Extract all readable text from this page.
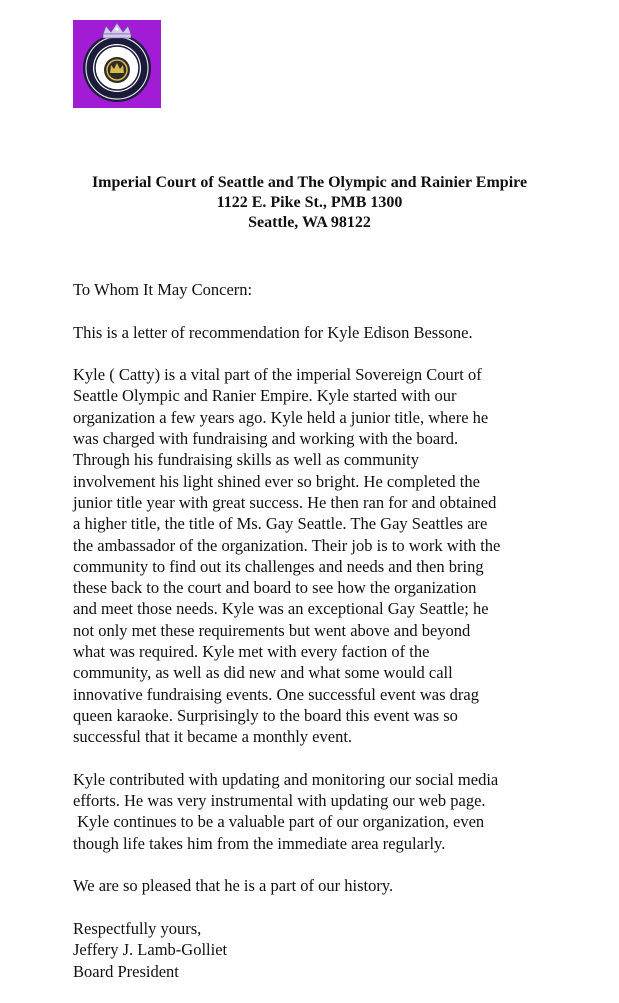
Imperial Court of Seattle and The Olympic and Rainier Empire
1122 E. Pike St., PMB 1300
Seattle, WA 98122

To Whom It May Concern:

This is a letter of recommendation for Kyle Edison Bessone.

Kyle ( Catty) is a vital part of the imperial Sovereign Court of
Seattle Olympic and Ranier Empire. Kyle started with our
organization a few years ago. Kyle held a junior title, where he
was charged with fundraising and working with the board.
Through his fundraising skills as well as community
involvement his light shined ever so bright. He completed the
junior title year with great success. He then ran for and obtained
a higher title, the title of Ms. Gay Seattle. The Gay Seattles are
the ambassador of the organization. Their job is to work with the
community to find out its challenges and needs and then bring
these back to the court and board to see how the organization
and meet those needs. Kyle was an exceptional Gay Seattle; he
not only met these requirements but went above and beyond
what was required. Kyle met with every faction of the
community, as well as did new and what some would call
innovative fundraising events. One successful event was drag
queen karaoke. Surprisingly to the board this event was so
successful that it became a monthly event.

Kyle contributed with updating and monitoring our social media
efforts. He was very instrumental with updating our web page.
Kyle continues to be a valuable part of our organization, even
though life takes him from the immediate area regularly.

We are so pleased that he is a part of our history.

Respectfully yours,
Jeffery J. Lamb-Golliet
Board President
